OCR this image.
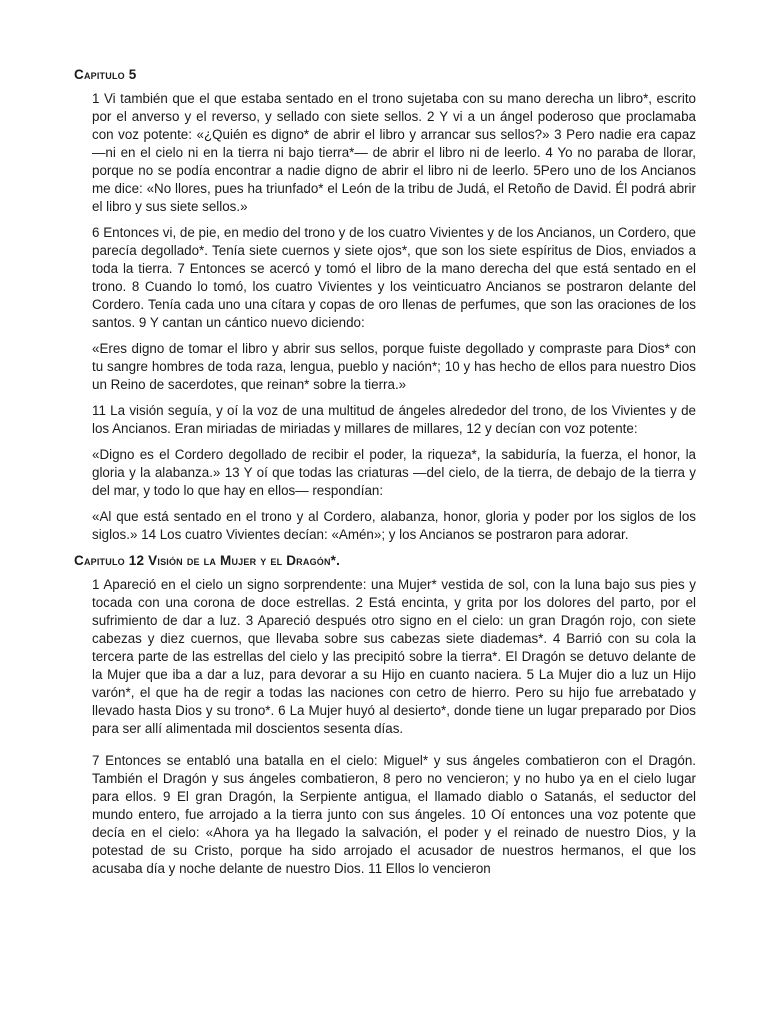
Capitulo 5

1 Vi también que el que estaba sentado en el trono sujetaba con su mano derecha un libro*, escrito por el anverso y el reverso, y sellado con siete sellos. 2 Y vi a un ángel poderoso que proclamaba con voz potente: «¿Quién es digno* de abrir el libro y arrancar sus sellos?» 3 Pero nadie era capaz —ni en el cielo ni en la tierra ni bajo tierra*— de abrir el libro ni de leerlo. 4 Yo no paraba de llorar, porque no se podía encontrar a nadie digno de abrir el libro ni de leerlo. 5Pero uno de los Ancianos me dice: «No llores, pues ha triunfado* el León de la tribu de Judá, el Retoño de David. Él podrá abrir el libro y sus siete sellos.»

6 Entonces vi, de pie, en medio del trono y de los cuatro Vivientes y de los Ancianos, un Cordero, que parecía degollado*. Tenía siete cuernos y siete ojos*, que son los siete espíritus de Dios, enviados a toda la tierra. 7 Entonces se acercó y tomó el libro de la mano derecha del que está sentado en el trono. 8 Cuando lo tomó, los cuatro Vivientes y los veinticuatro Ancianos se postraron delante del Cordero. Tenía cada uno una cítara y copas de oro llenas de perfumes, que son las oraciones de los santos. 9 Y cantan un cántico nuevo diciendo:

«Eres digno de tomar el libro y abrir sus sellos, porque fuiste degollado y compraste para Dios* con tu sangre hombres de toda raza, lengua, pueblo y nación*; 10 y has hecho de ellos para nuestro Dios un Reino de sacerdotes, que reinan* sobre la tierra.»

11 La visión seguía, y oí la voz de una multitud de ángeles alrededor del trono, de los Vivientes y de los Ancianos. Eran miriadas de miriadas y millares de millares, 12 y decían con voz potente:

«Digno es el Cordero degollado de recibir el poder, la riqueza*, la sabiduría, la fuerza, el honor, la gloria y la alabanza.» 13 Y oí que todas las criaturas —del cielo, de la tierra, de debajo de la tierra y del mar, y todo lo que hay en ellos— respondían:

«Al que está sentado en el trono y al Cordero, alabanza, honor, gloria y poder por los siglos de los siglos.» 14 Los cuatro Vivientes decían: «Amén»; y los Ancianos se postraron para adorar.

Capitulo 12 Visión de la Mujer y el Dragón*.

1 Apareció en el cielo un signo sorprendente: una Mujer* vestida de sol, con la luna bajo sus pies y tocada con una corona de doce estrellas. 2 Está encinta, y grita por los dolores del parto, por el sufrimiento de dar a luz. 3 Apareció después otro signo en el cielo: un gran Dragón rojo, con siete cabezas y diez cuernos, que llevaba sobre sus cabezas siete diademas*. 4 Barrió con su cola la tercera parte de las estrellas del cielo y las precipitó sobre la tierra*. El Dragón se detuvo delante de la Mujer que iba a dar a luz, para devorar a su Hijo en cuanto naciera. 5 La Mujer dio a luz un Hijo varón*, el que ha de regir a todas las naciones con cetro de hierro. Pero su hijo fue arrebatado y llevado hasta Dios y su trono*. 6 La Mujer huyó al desierto*, donde tiene un lugar preparado por Dios para ser allí alimentada mil doscientos sesenta días.

7 Entonces se entabló una batalla en el cielo: Miguel* y sus ángeles combatieron con el Dragón. También el Dragón y sus ángeles combatieron, 8 pero no vencieron; y no hubo ya en el cielo lugar para ellos. 9 El gran Dragón, la Serpiente antigua, el llamado diablo o Satanás, el seductor del mundo entero, fue arrojado a la tierra junto con sus ángeles. 10 Oí entonces una voz potente que decía en el cielo: «Ahora ya ha llegado la salvación, el poder y el reinado de nuestro Dios, y la potestad de su Cristo, porque ha sido arrojado el acusador de nuestros hermanos, el que los acusaba día y noche delante de nuestro Dios. 11 Ellos lo vencieron
